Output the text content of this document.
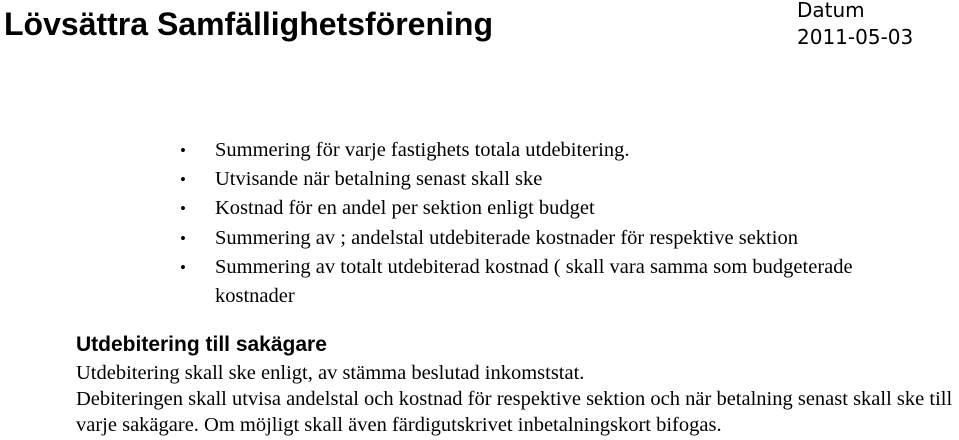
Lövsättra Samfällighetsförening	Datum
2011-05-03
• Summering för varje fastighets totala utdebitering.
• Utvisande när betalning senast skall ske
• Kostnad för en andel per sektion enligt budget
• Summering av ; andelstal utdebiterade kostnader för respektive sektion
• Summering av totalt utdebiterad kostnad ( skall vara samma som budgeterade kostnader
Utdebitering till sakägare

Utdebitering skall ske enligt, av stämma beslutad inkomststat.

Debiteringen skall utvisa andelstal och kostnad för respektive sektion och när betalning senast skall ske till varje sakägare. Om möjligt skall även färdigutskrivet inbetalningskort bifogas.
